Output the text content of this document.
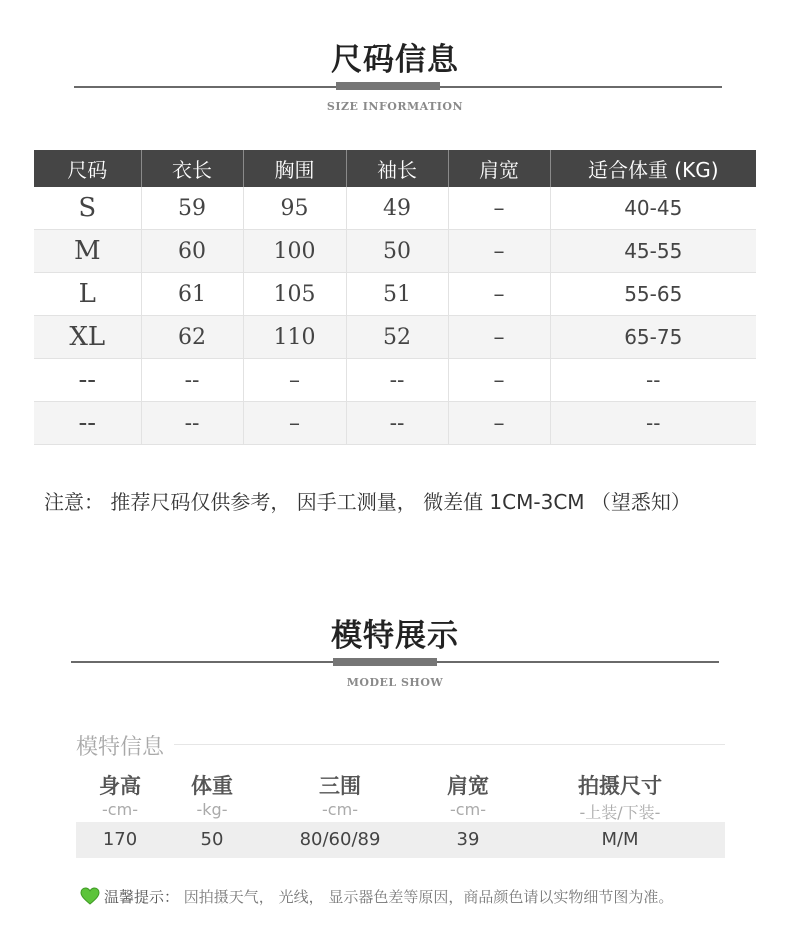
尺码信息
SIZE INFORMATION
尺码	衣长	胸围	袖长	肩宽	适合体重 (KG)
S	59	95	49	–	40-45
M	60	100	50	–	45-55
L	61	105	51	–	55-65
XL	62	110	52	–	65-75
--	--	–	--	–	--
--	--	–	--	–	--
注意： 推荐尺码仅供参考， 因手工测量， 微差值 1CM-3CM （望悉知）
模特展示
MODEL SHOW
模特信息
身高	体重	三围	肩宽	拍摄尺寸
-cm-	-kg-	-cm-	-cm-	-上装/下装-
170	50	80/60/89	39	M/M
温馨提示： 因拍摄天气， 光线， 显示器色差等原因，商品颜色请以实物细节图为准。
